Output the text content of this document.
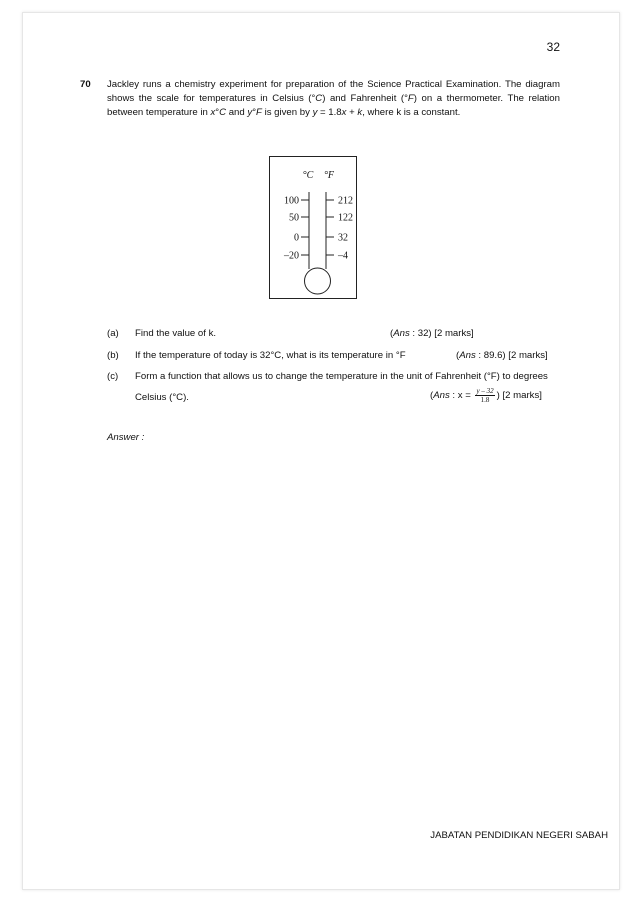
32
70 Jackley runs a chemistry experiment for preparation of the Science Practical Examination. The diagram

shows the scale for temperatures in Celsius (°C) and Fahrenheit (°F) on a thermometer. The relation

between temperature in x°C and y°F is given by y = 1.8x + k, where k is a constant.

°C °F
100
50
0
–20
212
122
32
–4
(a) Find the value of k.	(Ans : 32) [2 marks]
(b) If the temperature of today is 32°C, what is its temperature in °F	(Ans : 89.6) [2 marks]
(c) Form a function that allows us to change the temperature in the unit of Fahrenheit (°F) to degrees
Celsius (°C).	(Ans : $x = \frac{y - 32}{1.8}$ ) [2 marks]
Answer :
JABATAN PENDIDIKAN NEGERI SABAH
